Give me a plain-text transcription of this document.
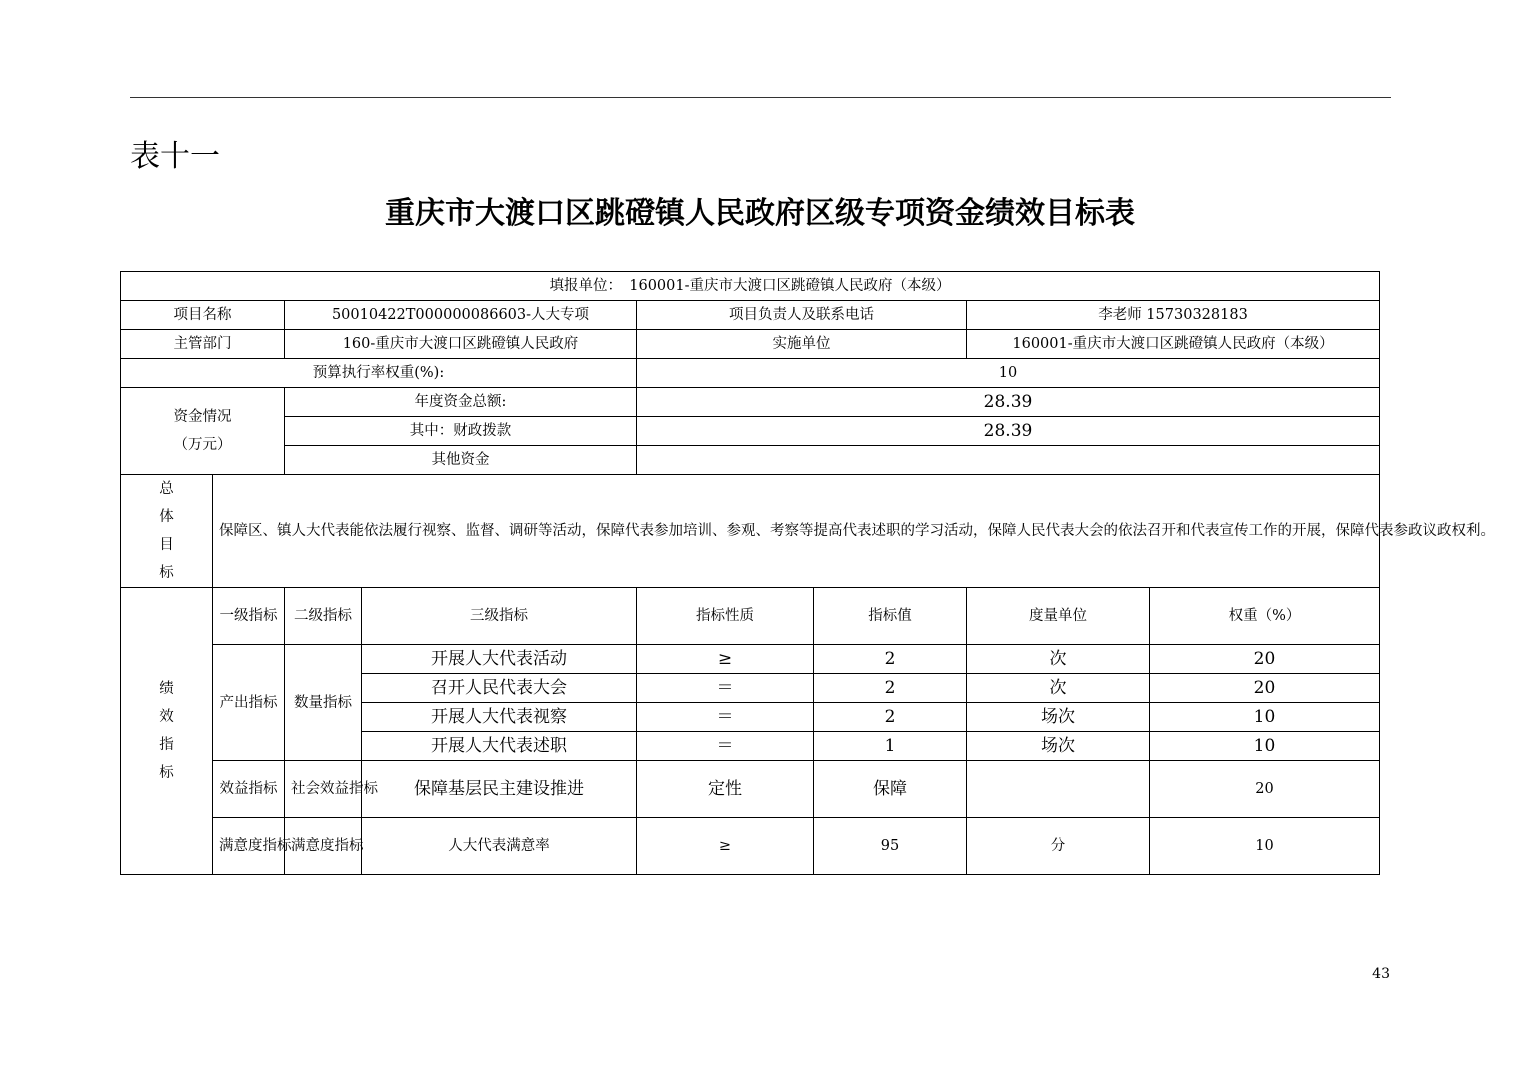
表十一
重庆市大渡口区跳磴镇人民政府区级专项资金绩效目标表
填报单位：　160001-重庆市大渡口区跳磴镇人民政府（本级）							
项目名称		50010422T000000086603-人大专项		项目负责人及联系电话		李老师 15730328183	
主管部门		160-重庆市大渡口区跳磴镇人民政府		实施单位		160001-重庆市大渡口区跳磴镇人民政府（本级）	
预算执行率权重(%):				10			

资金情况
（万元）		年度资金总额:		28.39			
		其中：财政拨款		28.39			
		其他资金					

总
体
目
标	保障区、镇人大代表能依法履行视察、监督、调研等活动，保障代表参加培训、参观、考察等提高代表述职的学习活动，保障人民代表大会的依法召开和代表宣传工作的开展，保障代表参政议政权利。						

绩
效
指
标	一级指标	二级指标	三级指标	指标性质	指标值	度量单位	权重（%）
	产出指标	数量指标	开展人大代表活动	≥	2	次	20
			召开人民代表大会	＝	2	次	20
			开展人大代表视察	＝	2	场次	10
			开展人大代表述职	＝	1	场次	10
	效益指标	社会效益指标	保障基层民主建设推进	定性	保障		20
	满意度指标	满意度指标	人大代表满意率	≥	95	分	10
43
